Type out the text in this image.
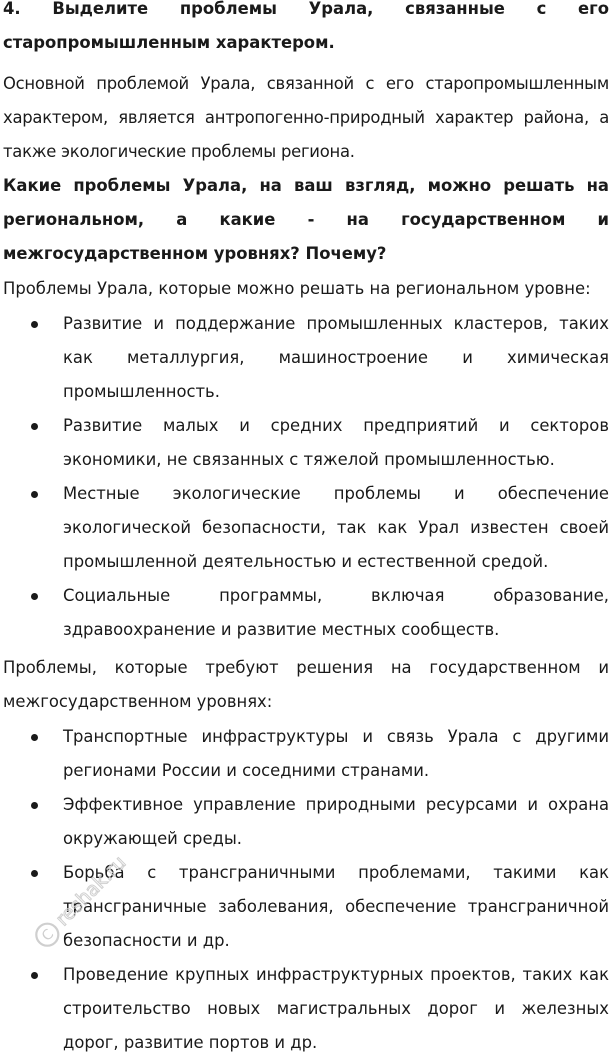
4. Выделите проблемы Урала, связанные с его старопромышленным характером.

Основной проблемой Урала, связанной с его старопромышленным характером, является антропогенно-природный характер района, а также экологические проблемы региона.

Какие проблемы Урала, на ваш взгляд, можно решать на региональном, а какие - на государственном и межгосударственном уровнях? Почему?

Проблемы Урала, которые можно решать на региональном уровне:

Развитие и поддержание промышленных кластеров, таких как металлургия, машиностроение и химическая промышленность.
Развитие малых и средних предприятий и секторов экономики, не связанных с тяжелой промышленностью.
Местные экологические проблемы и обеспечение экологической безопасности, так как Урал известен своей промышленной деятельностью и естественной средой.
Социальные программы, включая образование, здравоохранение и развитие местных сообществ.

Проблемы, которые требуют решения на государственном и межгосударственном уровнях:

Транспортные инфраструктуры и связь Урала с другими регионами России и соседними странами.
Эффективное управление природными ресурсами и охрана окружающей среды.
Борьба с трансграничными проблемами, такими как трансграничные заболевания, обеспечение трансграничной безопасности и др.
Проведение крупных инфраструктурных проектов, таких как строительство новых магистральных дорог и железных дорог, развитие портов и др.
C
reshak.ru
